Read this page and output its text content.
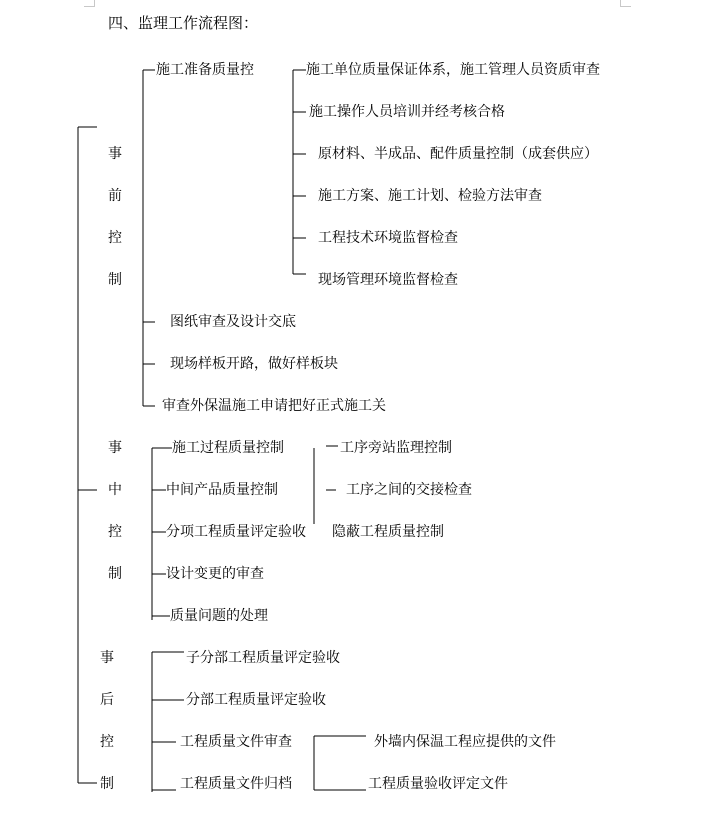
四、监理工作流程图：
事
前
控
制
施工准备质量控	施工单位质量保证体系，施工管理人员资质审查
施工操作人员培训并经考核合格
原材料、半成品、配件质量控制（成套供应）
施工方案、施工计划、检验方法审查
工程技术环境监督检查
现场管理环境监督检查
图纸审查及设计交底
现场样板开路，做好样板块
审查外保温施工申请把好正式施工关
事
中
控
制
施工过程质量控制
中间产品质量控制
分项工程质量评定验收
设计变更的审查
质量问题的处理
工序旁站监理控制
工序之间的交接检查
隐蔽工程质量控制
事
后
控
制
子分部工程质量评定验收
分部工程质量评定验收
工程质量文件审查
工程质量文件归档
外墙内保温工程应提供的文件
工程质量验收评定文件
